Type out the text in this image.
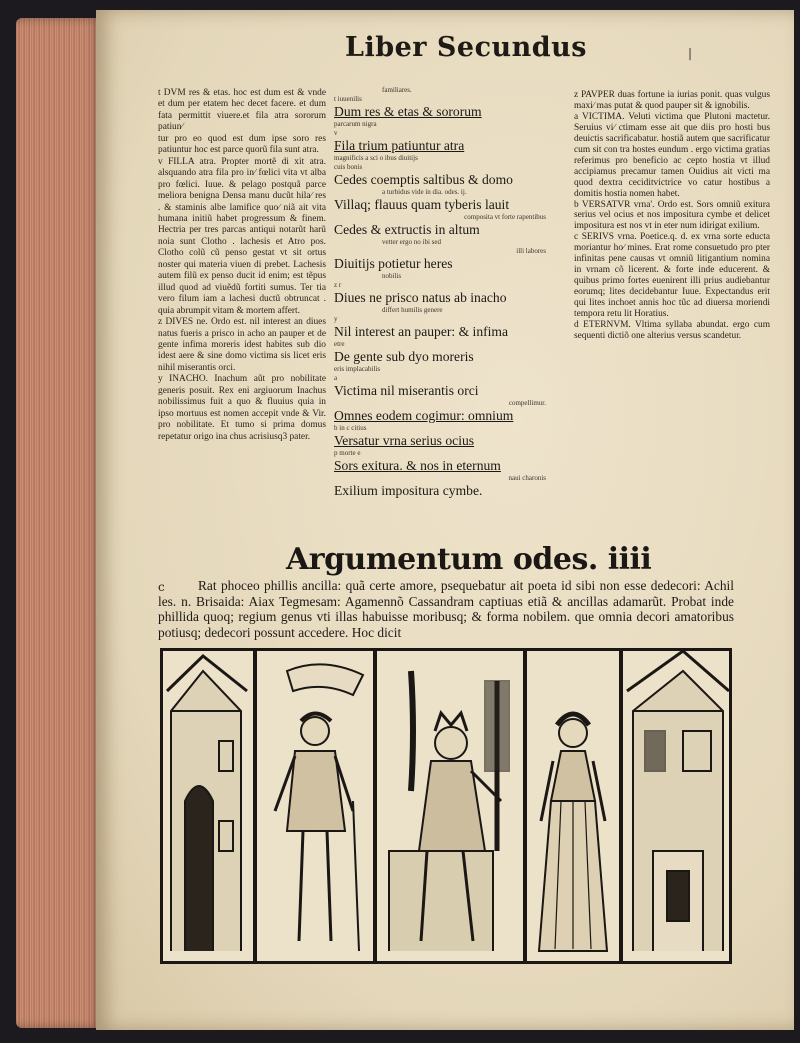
Liber Secundus	|

t DVM res & etas. hoc est dum est & vnde et dum per etatem hec decet facere. et dum fata permittit viuere.et fila atra sororum patiun∕

tur pro eo quod est dum ipse soro res patiuntur hoc est parce quorũ fila sunt atra.

v FILLA atra. Propter mortẽ di xit atra. alsquando atra fila pro in∕ fœlici vita vt alba pro fœlici. Iuue. & pelago postquã parce meliora benigna Densa manu ducũt hila∕ res . & staminis albe lamifice quo∕ niã ait vita humana initiũ habet progressum & finem. Hectria per tres parcas antiqui notarũt harũ noia sunt Clotho . lachesis et Atro pos. Clotho colũ cũ penso gestat vt sit ortus noster qui materia viuen di prebet. Lachesis autem filũ ex penso ducit id enim; est tẽpus illud quod ad viuẽdũ fortiti sumus. Ter tia vero filum iam a lachesi ductũ obtruncat . quia abrumpit vitam & mortem affert.

z DIVES ne. Ordo est. nil interest an diues natus fueris a prisco in acho an pauper et de gente infima moreris idest habites sub dio idest aere & sine domo victima sis licet eris nihil miserantis orci.

y INACHO. Inachum aũt pro nobilitate generis posuit. Rex eni argiuorum Inachus nobilissimus fuit a quo & fluuius quia in ipso mortuus est nomen accepit vnde & Vir. pro nobilitate. Et tumo si prima domus repetatur origo ina chus acrisiusq3 pater.

familiares.
t iuuenilis
Dum res & etas & sororum
parcarum nigra
v
Fila trium patiuntur atra
magnificis a sci o ibus diuitijs
cuis bonis
Cedes coemptis saltibus & domo
a turbidus vide in dia. odes. ij.
Villaq; flauus quam tyberis lauit
composita vt forte rapentibus
Cedes & extructis in altum
vetter ergo no ibi sed
illi labores
Diuitijs potietur heres
nobilis
z r
Diues ne prisco natus ab inacho
differt humilis genere
y
Nil interest an pauper: & infima
etre
De gente sub dyo moreris
eris implacabilis
a
Victima nil miserantis orci
compellimur.
Omnes eodem cogimur: omnium
b in c citius
Versatur vrna serius ocius
p morte e
Sors exitura. & nos in eternum
naui charonis
Exilium impositura cymbe.

z PAVPER duas fortune ia iurias ponit. quas vulgus maxi∕ mas putat & quod pauper sit & ignobilis.

a VICTIMA. Veluti victima que Plutoni mactetur. Seruius vi∕ ctimam esse ait que diis pro hosti bus deuictis sacrificabatur. hostiã autem que sacrificatur cum sit con tra hostes eundum . ergo victima gratias referimus pro beneficio ac cepto hostia vt illud accipiamus precamur tamen Ouidius ait victi ma quod dextra ceciditvictrice vo catur hostibus a domitis hostia nomen habet.

b VERSATVR vrna'. Ordo est. Sors omniũ exitura serius vel ocius et nos impositura cymbe et delicet impositura est nos vt in eter num idirigat exilium.

c SERIVS vrna. Poetice.q. d. ex vrna sorte educta moriantur ho∕ mines. Erat rome consuetudo pro pter infinitas pene causas vt omniũ litigantium nomina in vrnam cõ licerent. & forte inde educerent. & quibus primo fortes euenirent illi prius audiebantur eorumq; lites decidebantur Iuue. Expectandus erit qui lites inchoet annis hoc tũc ad diuersa moriendi tempora retu lit Horatius.

d ETERNVM. Vltima syllaba abundat. ergo cum sequenti dictiõ one alterius versus scandetur.

Argumentum odes. iiii
c	Rat phoceo phillis ancilla: quã certe amore, psequebatur ait poeta id sibi non esse dedecori: Achil les. n. Brisaida: Aiax Tegmesam: Agamennõ Cassandram captiuas etiã & ancillas adamarũt. Probat inde phillida quoq; regium genus vti illas habuisse moribusq; & forma nobilem. que omnia decori amatoribus potiusq; dedecori possunt accedere. Hoc dicit
